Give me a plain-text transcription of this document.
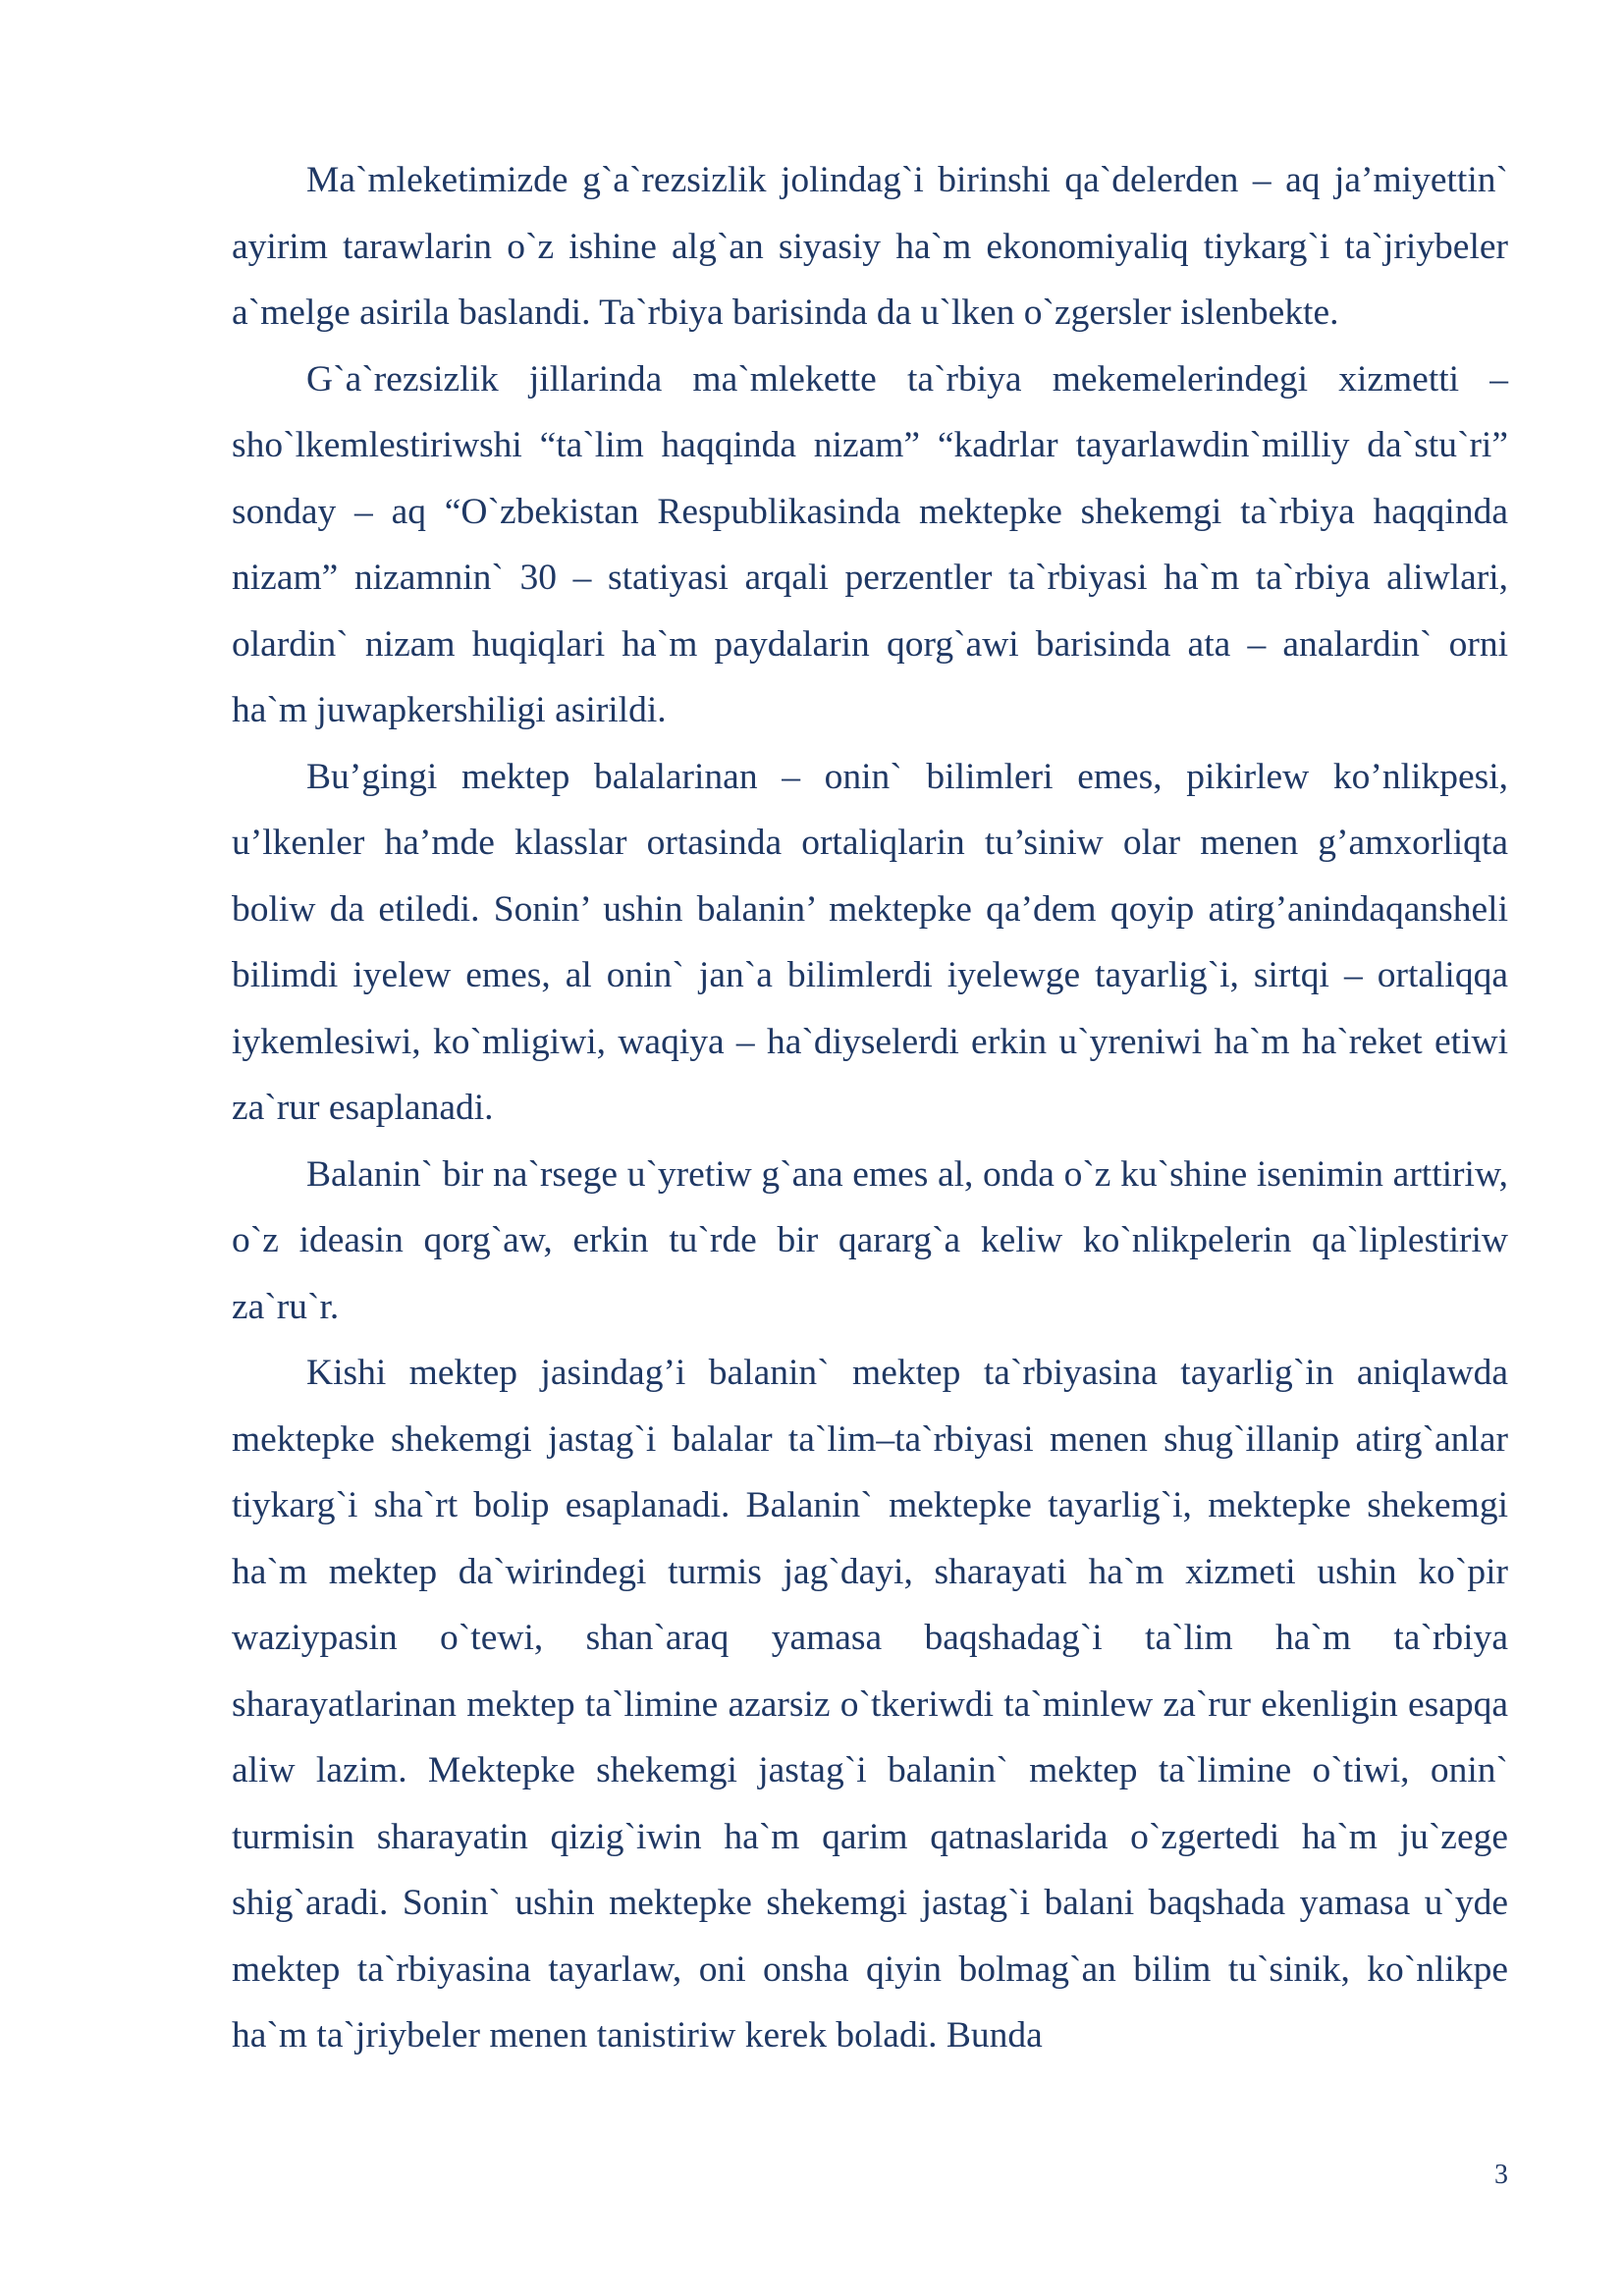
Ma`mleketimizde g`a`rezsizlik jolindag`i birinshi qa`delerden – aq ja’miyettin` ayirim tarawlarin o`z ishine alg`an siyasiy ha`m ekonomiyaliq tiykarg`i ta`jriybeler a`melge asirila baslandi. Ta`rbiya barisinda da u`lken o`zgersler islenbekte.

G`a`rezsizlik jillarinda ma`mlekette ta`rbiya mekemelerindegi xizmetti – sho`lkemlestiriwshi “ta`lim haqqinda nizam” “kadrlar tayarlawdin`milliy da`stu`ri” sonday – aq “O`zbekistan Respublikasinda mektepke shekemgi ta`rbiya haqqinda nizam” nizamnin` 30 – statiyasi arqali perzentler ta`rbiyasi ha`m ta`rbiya aliwlari, olardin` nizam huqiqlari ha`m paydalarin qorg`awi barisinda ata – analardin` orni ha`m juwapkershiligi asirildi.

Bu’gingi mektep balalarinan – onin` bilimleri emes, pikirlew ko’nlikpesi, u’lkenler ha’mde klasslar ortasinda ortaliqlarin tu’siniw olar menen g’amxorliqta boliw da etiledi. Sonin’ ushin balanin’ mektepke qa’dem qoyip atirg’anindaqansheli bilimdi iyelew emes, al onin` jan`a bilimlerdi iyelewge tayarlig`i, sirtqi – ortaliqqa iykemlesiwi, ko`mligiwi, waqiya – ha`diyselerdi erkin u`yreniwi ha`m ha`reket etiwi za`rur esaplanadi.

Balanin` bir na`rsege u`yretiw g`ana emes al, onda o`z ku`shine isenimin arttiriw, o`z ideasin qorg`aw, erkin tu`rde bir qararg`a keliw ko`nlikpelerin qa`liplestiriw za`ru`r.

Kishi mektep jasindag’i balanin` mektep ta`rbiyasina tayarlig`in aniqlawda mektepke shekemgi jastag`i balalar ta`lim–ta`rbiyasi menen shug`illanip atirg`anlar tiykarg`i sha`rt bolip esaplanadi. Balanin` mektepke tayarlig`i, mektepke shekemgi ha`m mektep da`wirindegi turmis jag`dayi, sharayati ha`m xizmeti ushin ko`pir waziypasin o`tewi, shan`araq yamasa baqshadag`i ta`lim ha`m ta`rbiya sharayatlarinan mektep ta`limine azarsiz o`tkeriwdi ta`minlew za`rur ekenligin esapqa aliw lazim. Mektepke shekemgi jastag`i balanin` mektep ta`limine o`tiwi, onin` turmisin sharayatin qizig`iwin ha`m qarim qatnaslarida o`zgertedi ha`m ju`zege shig`aradi. Sonin` ushin mektepke shekemgi jastag`i balani baqshada yamasa u`yde mektep ta`rbiyasina tayarlaw, oni onsha qiyin bolmag`an bilim tu`sinik, ko`nlikpe ha`m ta`jriybeler menen tanistiriw kerek boladi. Bunda

3
